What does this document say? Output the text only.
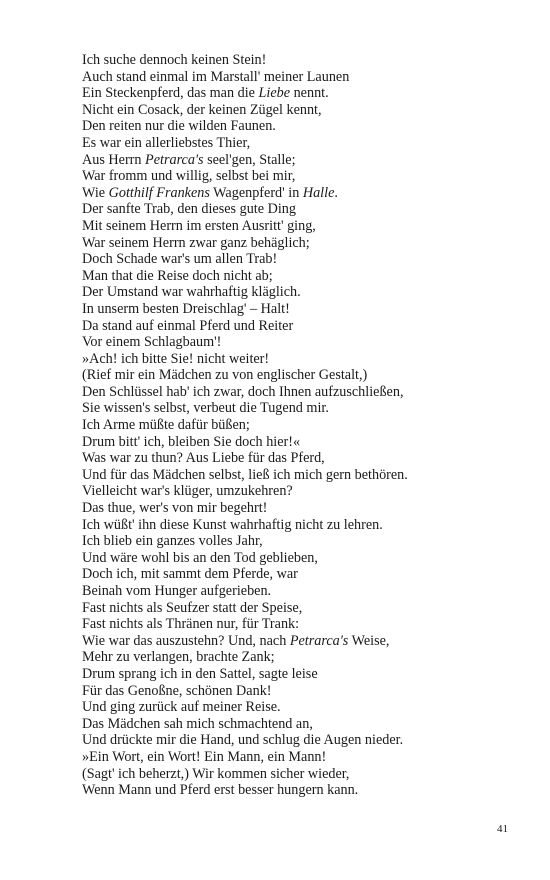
Ich suche dennoch keinen Stein!
Auch stand einmal im Marstall' meiner Launen
Ein Steckenpferd, das man die Liebe nennt.
Nicht ein Cosack, der keinen Zügel kennt,
Den reiten nur die wilden Faunen.
Es war ein allerliebstes Thier,
Aus Herrn Petrarca's seel'gen, Stalle;
War fromm und willig, selbst bei mir,
Wie Gotthilf Frankens Wagenpferd' in Halle.
Der sanfte Trab, den dieses gute Ding
Mit seinem Herrn im ersten Ausritt' ging,
War seinem Herrn zwar ganz behäglich;
Doch Schade war's um allen Trab!
Man that die Reise doch nicht ab;
Der Umstand war wahrhaftig kläglich.
In unserm besten Dreischlag' – Halt!
Da stand auf einmal Pferd und Reiter
Vor einem Schlagbaum'!
»Ach! ich bitte Sie! nicht weiter!
(Rief mir ein Mädchen zu von englischer Gestalt,)
Den Schlüssel hab' ich zwar, doch Ihnen aufzuschließen,
Sie wissen's selbst, verbeut die Tugend mir.
Ich Arme müßte dafür büßen;
Drum bitt' ich, bleiben Sie doch hier!«
Was war zu thun? Aus Liebe für das Pferd,
Und für das Mädchen selbst, ließ ich mich gern bethören.
Vielleicht war's klüger, umzukehren?
Das thue, wer's von mir begehrt!
Ich wüßt' ihn diese Kunst wahrhaftig nicht zu lehren.
Ich blieb ein ganzes volles Jahr,
Und wäre wohl bis an den Tod geblieben,
Doch ich, mit sammt dem Pferde, war
Beinah vom Hunger aufgerieben.
Fast nichts als Seufzer statt der Speise,
Fast nichts als Thränen nur, für Trank:
Wie war das auszustehn? Und, nach Petrarca's Weise,
Mehr zu verlangen, brachte Zank;
Drum sprang ich in den Sattel, sagte leise
Für das Genoßne, schönen Dank!
Und ging zurück auf meiner Reise.
Das Mädchen sah mich schmachtend an,
Und drückte mir die Hand, und schlug die Augen nieder.
»Ein Wort, ein Wort! Ein Mann, ein Mann!
(Sagt' ich beherzt,) Wir kommen sicher wieder,
Wenn Mann und Pferd erst besser hungern kann.
41
